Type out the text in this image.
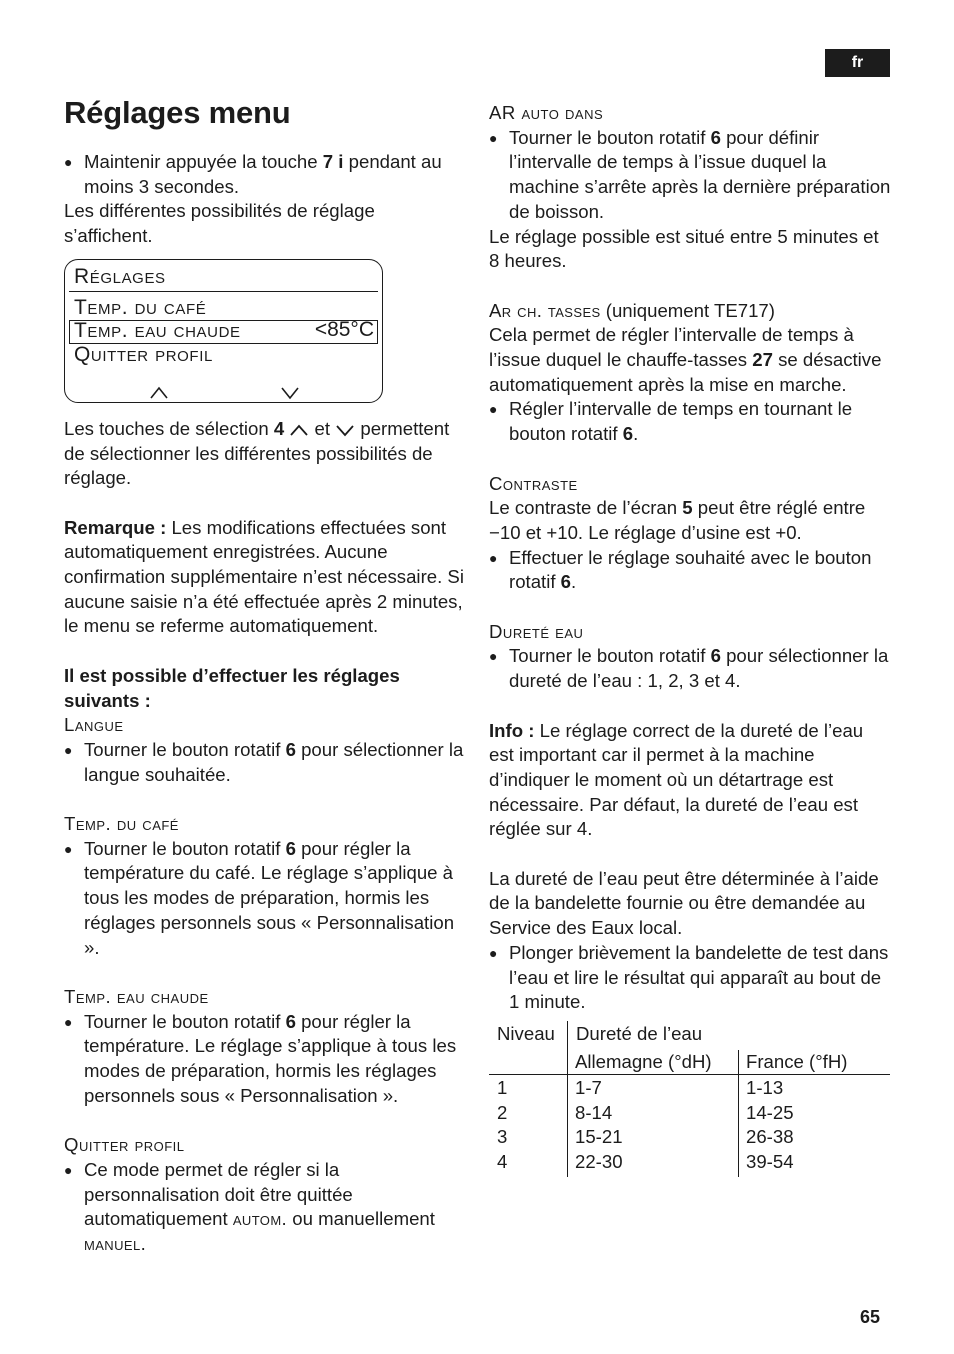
fr
Réglages menu

● Maintenir appuyée la touche 7 i pendant au moins 3 secondes.

Les différentes possibilités de réglage s’affichent.

Réglages
Temp. du café
Temp. eau chaude	<85°C
Quitter profil

Les touches de sélection 4  et  permettent de sélectionner les différentes possibilités de réglage.

Remarque : Les modifications effectuées sont automatiquement enregistrées. Aucune confirmation supplémentaire n’est nécessaire. Si aucune saisie n’a été effectuée après 2 minutes, le menu se referme automatiquement.

Il est possible d’effectuer les réglages suivants :

Langue

● Tourner le bouton rotatif 6 pour sélectionner la langue souhaitée.

Temp. du café

● Tourner le bouton rotatif 6 pour régler la température du café. Le réglage s’applique à tous les modes de préparation, hormis les réglages personnels sous « Personnalisation ».

Temp. eau chaude

● Tourner le bouton rotatif 6 pour régler la température. Le réglage s’applique à tous les modes de préparation, hormis les réglages personnels sous « Personnalisation ».

Quitter profil

● Ce mode permet de régler si la personnalisation doit être quittée automatiquement autom. ou manuellement manuel.

AR auto dans

● Tourner le bouton rotatif 6 pour définir l’intervalle de temps à l’issue duquel la machine s’arrête après la dernière préparation de boisson.

Le réglage possible est situé entre 5 minutes et 8 heures.

Ar ch. tasses (uniquement TE717)

Cela permet de régler l’intervalle de temps à l’issue duquel le chauffe-tasses 27 se désactive automatiquement après la mise en marche.

● Régler l’intervalle de temps en tournant le bouton rotatif 6.

Contraste

Le contraste de l’écran 5 peut être réglé entre −10 et +10. Le réglage d’usine est +0.

● Effectuer le réglage souhaité avec le bouton rotatif 6.

Dureté eau

● Tourner le bouton rotatif 6 pour sélectionner la dureté de l’eau : 1, 2, 3 et 4.

Info : Le réglage correct de la dureté de l’eau est important car il permet à la machine d’indiquer le moment où un détartrage est nécessaire. Par défaut, la dureté de l’eau est réglée sur 4.

La dureté de l’eau peut être déterminée à l’aide de la bandelette fournie ou être demandée au Service des Eaux local.

● Plonger brièvement la bandelette de test dans l’eau et lire le résultat qui apparaît au bout de 1 minute.

Niveau Dureté de l’eau
Allemagne (°dH) France (°fH)
1	1-7	1-13
2	8-14	14-25
3	15-21	26-38
4	22-30	39-54
65
